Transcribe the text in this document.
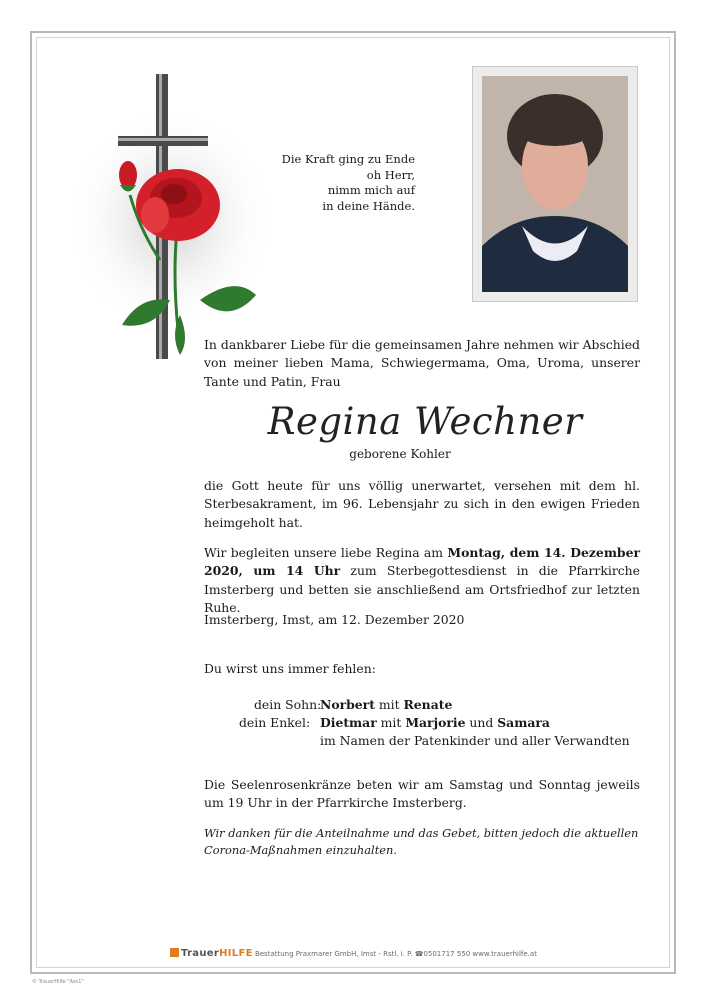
Die Kraft ging zu Ende
oh Herr,
nimm mich auf
in deine Hände.
In dankbarer Liebe für die gemeinsamen Jahre nehmen wir Abschied von meiner lieben Mama, Schwiegermama, Oma, Uroma, unserer Tante und Patin, Frau
Regina Wechner
geborene Kohler
die Gott heute für uns völlig unerwartet, versehen mit dem hl. Sterbesakrament, im 96. Lebensjahr zu sich in den ewigen Frieden heimgeholt hat.
Wir begleiten unsere liebe Regina am Montag, dem 14. Dezember 2020, um 14 Uhr zum Sterbegottesdienst in die Pfarrkirche Imsterberg und betten sie anschließend am Ortsfriedhof zur letzten Ruhe.
Imsterberg, Imst, am 12. Dezember 2020
Du wirst uns immer fehlen:
dein Sohn:
Norbert mit Renate
dein Enkel: Dietmar mit Marjorie und Samara
im Namen der Patenkinder und aller Verwandten
Die Seelenrosenkränze beten wir am Samstag und Sonntag jeweils um 19 Uhr in der Pfarrkirche Imsterberg.
Wir danken für die Anteilnahme und das Gebet, bitten jedoch die aktuellen Corona-Maßnahmen einzuhalten.
TrauerHILFE Bestattung Praxmarer GmbH, Imst - Rstl. i. P. ☎0501717 550 www.trauerhilfe.at
© TrauerHilfe "Ass1"
